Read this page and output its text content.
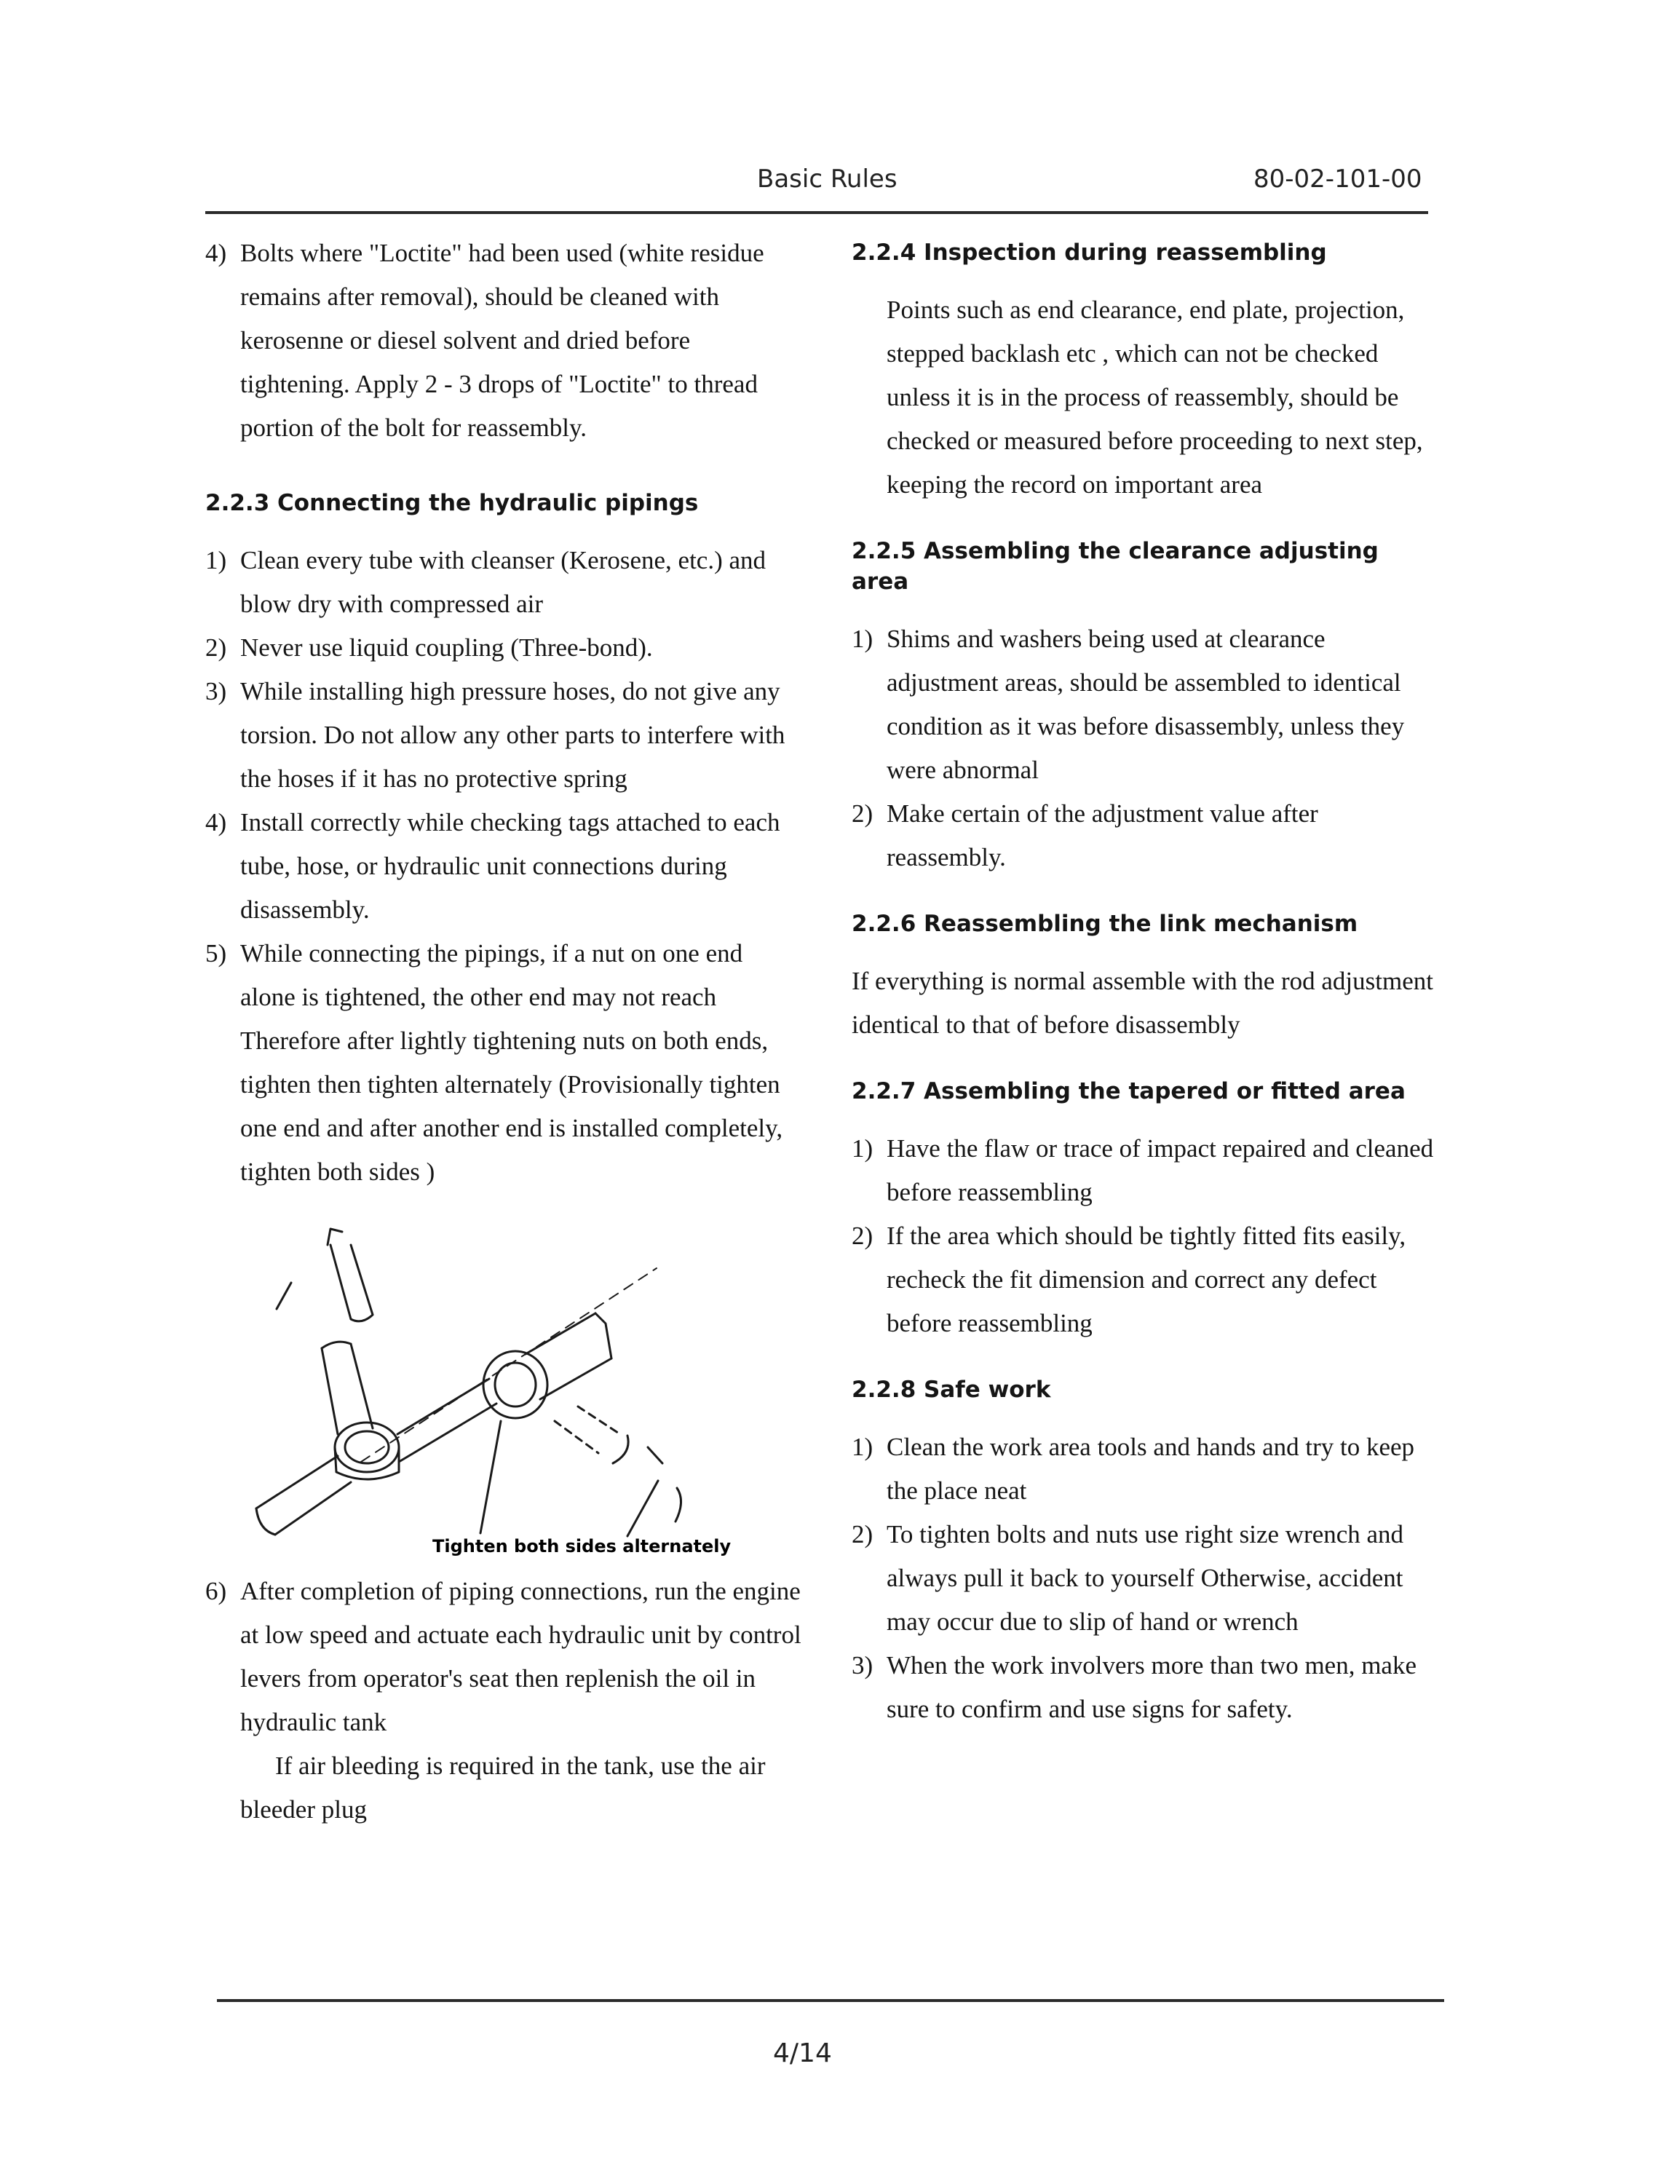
Basic Rules	80-02-101-00
4) Bolts where "Loctite" had been used (white residue remains after removal), should be cleaned with kerosenne or diesel solvent and dried before tightening. Apply 2 - 3 drops of "Loctite" to thread portion of the bolt for reassembly.
2.2.3 Connecting the hydraulic pipings
1) Clean every tube with cleanser (Kerosene, etc.) and blow dry with compressed air
2) Never use liquid coupling (Three-bond).
3) While installing high pressure hoses, do not give any torsion. Do not allow any other parts to interfere with the hoses if it has no protective spring
4) Install correctly while checking tags attached to each tube, hose, or hydraulic unit connections during disassembly.
5) While connecting the pipings, if a nut on one end alone is tightened, the other end may not reach Therefore after lightly tightening nuts on both ends, tighten then tighten alternately (Provisionally tighten one end and after another end is installed completely, tighten both sides )
Tighten both sides alternately
6) After completion of piping connections, run the engine at low speed and actuate each hydraulic unit by control levers from operator's seat then replenish the oil in hydraulic tank
If air bleeding is required in the tank, use the air bleeder plug
2.2.4 Inspection during reassembling
Points such as end clearance, end plate, projection, stepped backlash etc , which can not be checked unless it is in the process of reassembly, should be checked or measured before proceeding to next step, keeping the record on important area
2.2.5 Assembling the clearance adjusting area
1) Shims and washers being used at clearance adjustment areas, should be assembled to identical condition as it was before disassembly, unless they were abnormal
2) Make certain of the adjustment value after reassembly.
2.2.6 Reassembling the link mechanism
If everything is normal assemble with the rod adjustment identical to that of before disassembly
2.2.7 Assembling the tapered or fitted area
1) Have the flaw or trace of impact repaired and cleaned before reassembling
2) If the area which should be tightly fitted fits easily, recheck the fit dimension and correct any defect before reassembling
2.2.8 Safe work
1) Clean the work area tools and hands and try to keep the place neat
2) To tighten bolts and nuts use right size wrench and always pull it back to yourself Otherwise, accident may occur due to slip of hand or wrench
3) When the work involvers more than two men, make sure to confirm and use signs for safety.
4/14
